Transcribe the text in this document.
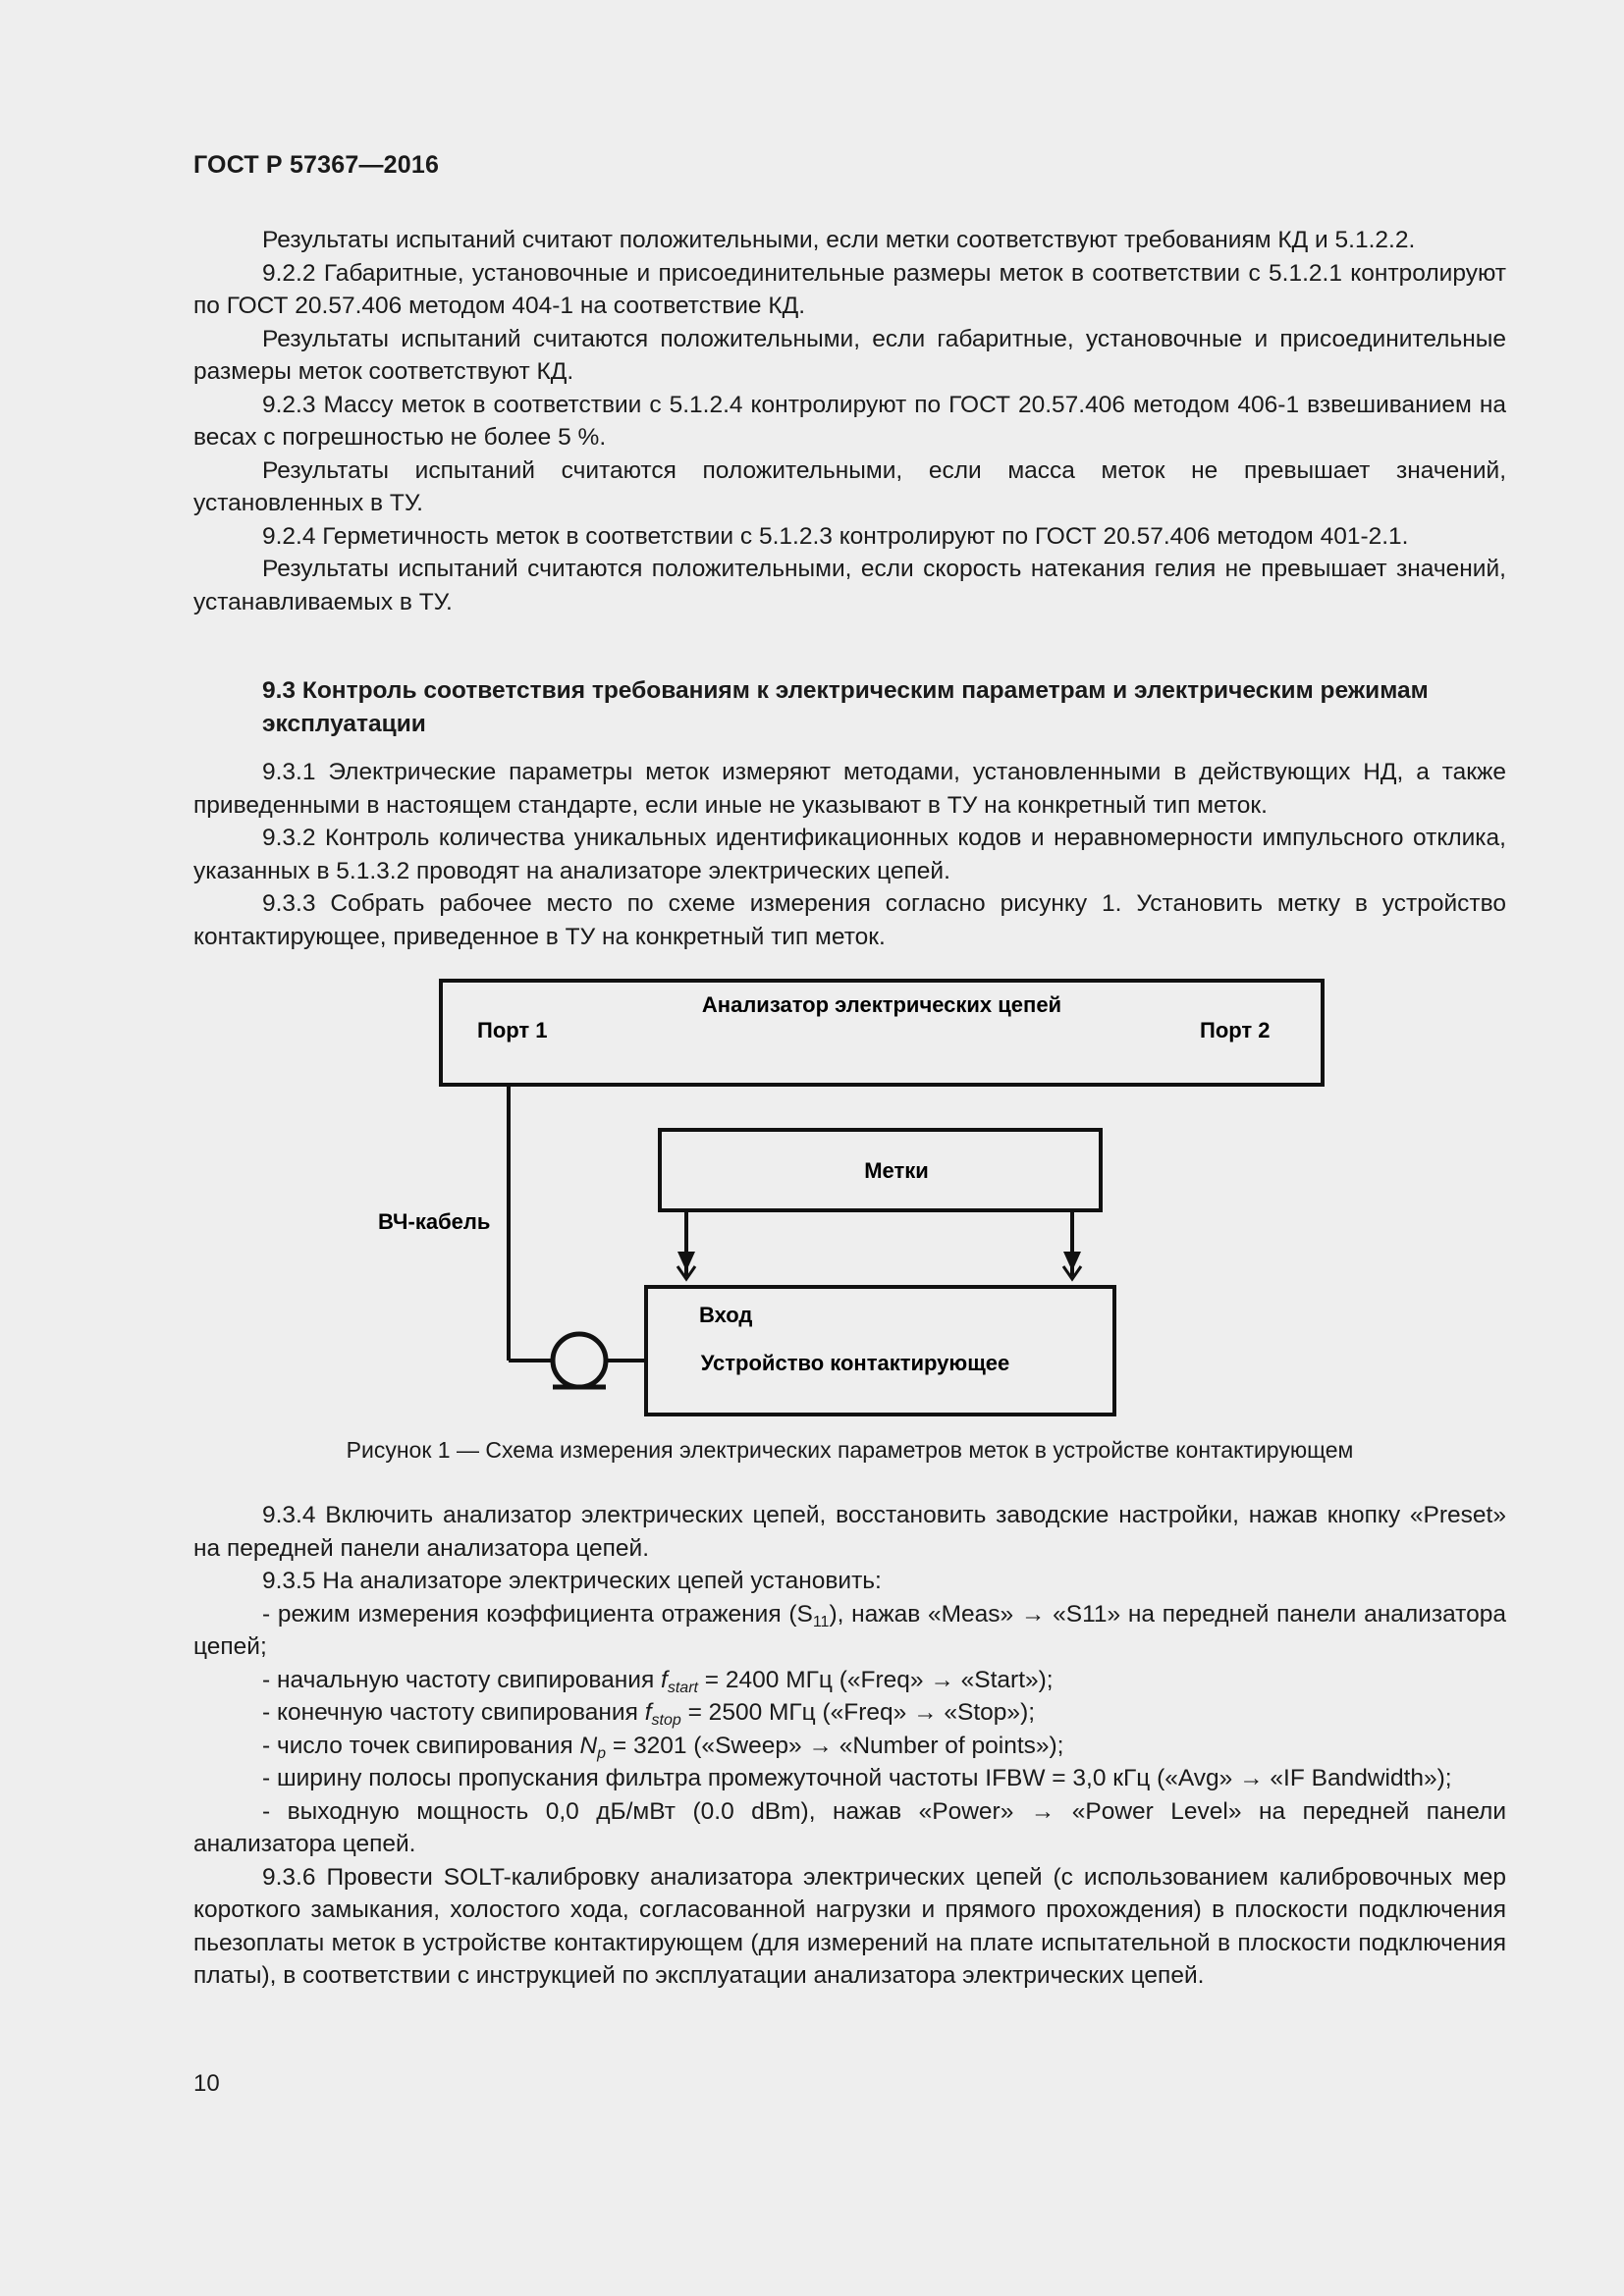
ГОСТ Р 57367—2016

Результаты испытаний считают положительными, если метки соответствуют требованиям КД и 5.1.2.2.

9.2.2 Габаритные, установочные и присоединительные размеры меток в соответствии с 5.1.2.1 контролируют по ГОСТ 20.57.406 методом 404-1 на соответствие КД.

Результаты испытаний считаются положительными, если габаритные, установочные и присоединительные размеры меток соответствуют КД.

9.2.3 Массу меток в соответствии с 5.1.2.4 контролируют по ГОСТ 20.57.406 методом 406-1 взвешиванием на весах с погрешностью не более 5 %.

Результаты испытаний считаются положительными, если масса меток не превышает значений, установленных в ТУ.

9.2.4 Герметичность меток в соответствии с 5.1.2.3 контролируют по ГОСТ 20.57.406 методом 401-2.1.

Результаты испытаний считаются положительными, если скорость натекания гелия не превышает значений, устанавливаемых в ТУ.

9.3 Контроль соответствия требованиям к электрическим параметрам и электрическим режимам эксплуатации

9.3.1 Электрические параметры меток измеряют методами, установленными в действующих НД, а также приведенными в настоящем стандарте, если иные не указывают в ТУ на конкретный тип меток.

9.3.2 Контроль количества уникальных идентификационных кодов и неравномерности импульсного отклика, указанных в 5.1.3.2 проводят на анализаторе электрических цепей.

9.3.3 Собрать рабочее место по схеме измерения согласно рисунку 1. Установить метку в устройство контактирующее, приведенное в ТУ на конкретный тип меток.

Анализатор электрических цепей
Порт 1	Порт 2
Метки
Вход
Устройство контактирующее
ВЧ-кабель
Рисунок 1 — Схема измерения электрических параметров меток в устройстве контактирующем

9.3.4 Включить анализатор электрических цепей, восстановить заводские настройки, нажав кнопку «Preset» на передней панели анализатора цепей.

9.3.5 На анализаторе электрических цепей установить:

- режим измерения коэффициента отражения $(S_{11})$, нажав «Meas» → «S11» на передней панели анализатора цепей;

- начальную частоту свипирования $f_{start} = 2400$ МГц («Freq» → «Start»);

- конечную частоту свипирования $f_{stop} = 2500$ МГц («Freq» → «Stop»);

- число точек свипирования $N_p = 3201$ («Sweep» → «Number of points»);

- ширину полосы пропускания фильтра промежуточной частоты IFBW = 3,0 кГц («Avg» → «IF Bandwidth»);

- выходную мощность 0,0 дБ/мВт (0.0 dBm), нажав «Power» → «Power Level» на передней панели анализатора цепей.

9.3.6 Провести SOLT-калибровку анализатора электрических цепей (с использованием калибровочных мер короткого замыкания, холостого хода, согласованной нагрузки и прямого прохождения) в плоскости подключения пьезоплаты меток в устройстве контактирующем (для измерений на плате испытательной в плоскости подключения платы), в соответствии с инструкцией по эксплуатации анализатора электрических цепей.

10
